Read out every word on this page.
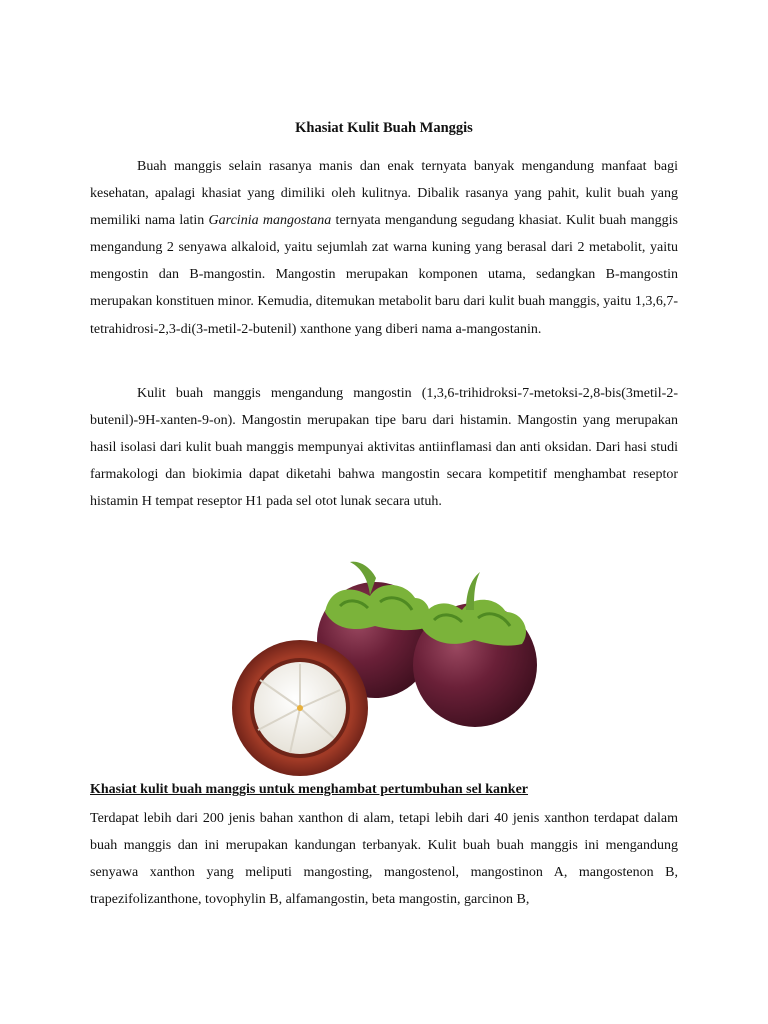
Khasiat Kulit Buah Manggis

Buah manggis selain rasanya manis dan enak ternyata banyak mengandung manfaat bagi kesehatan, apalagi khasiat yang dimiliki oleh kulitnya. Dibalik rasanya yang pahit, kulit buah yang memiliki nama latin Garcinia mangostana ternyata mengandung segudang khasiat. Kulit buah manggis mengandung 2 senyawa alkaloid, yaitu sejumlah zat warna kuning yang berasal dari 2 metabolit, yaitu mengostin dan B-mangostin. Mangostin merupakan komponen utama, sedangkan B-mangostin merupakan konstituen minor. Kemudia, ditemukan metabolit baru dari kulit buah manggis, yaitu 1,3,6,7-tetrahidrosi-2,3-di(3-metil-2-butenil) xanthone yang diberi nama a-mangostanin.

Kulit buah manggis mengandung mangostin (1,3,6-trihidroksi-7-metoksi-2,8-bis(3metil-2-butenil)-9H-xanten-9-on). Mangostin merupakan tipe baru dari histamin. Mangostin yang merupakan hasil isolasi dari kulit buah manggis mempunyai aktivitas antiinflamasi dan anti oksidan. Dari hasi studi farmakologi dan biokimia dapat diketahi bahwa mangostin secara kompetitif menghambat reseptor histamin H tempat reseptor H1 pada sel otot lunak secara utuh.

Khasiat kulit buah manggis untuk menghambat pertumbuhan sel kanker

Terdapat lebih dari 200 jenis bahan xanthon di alam, tetapi lebih dari 40 jenis xanthon terdapat dalam buah manggis dan ini merupakan kandungan terbanyak. Kulit buah buah manggis ini mengandung senyawa xanthon yang meliputi mangosting, mangostenol, mangostinon A, mangostenon B, trapezifolizanthone, tovophylin B, alfamangostin, beta mangostin, garcinon B,
